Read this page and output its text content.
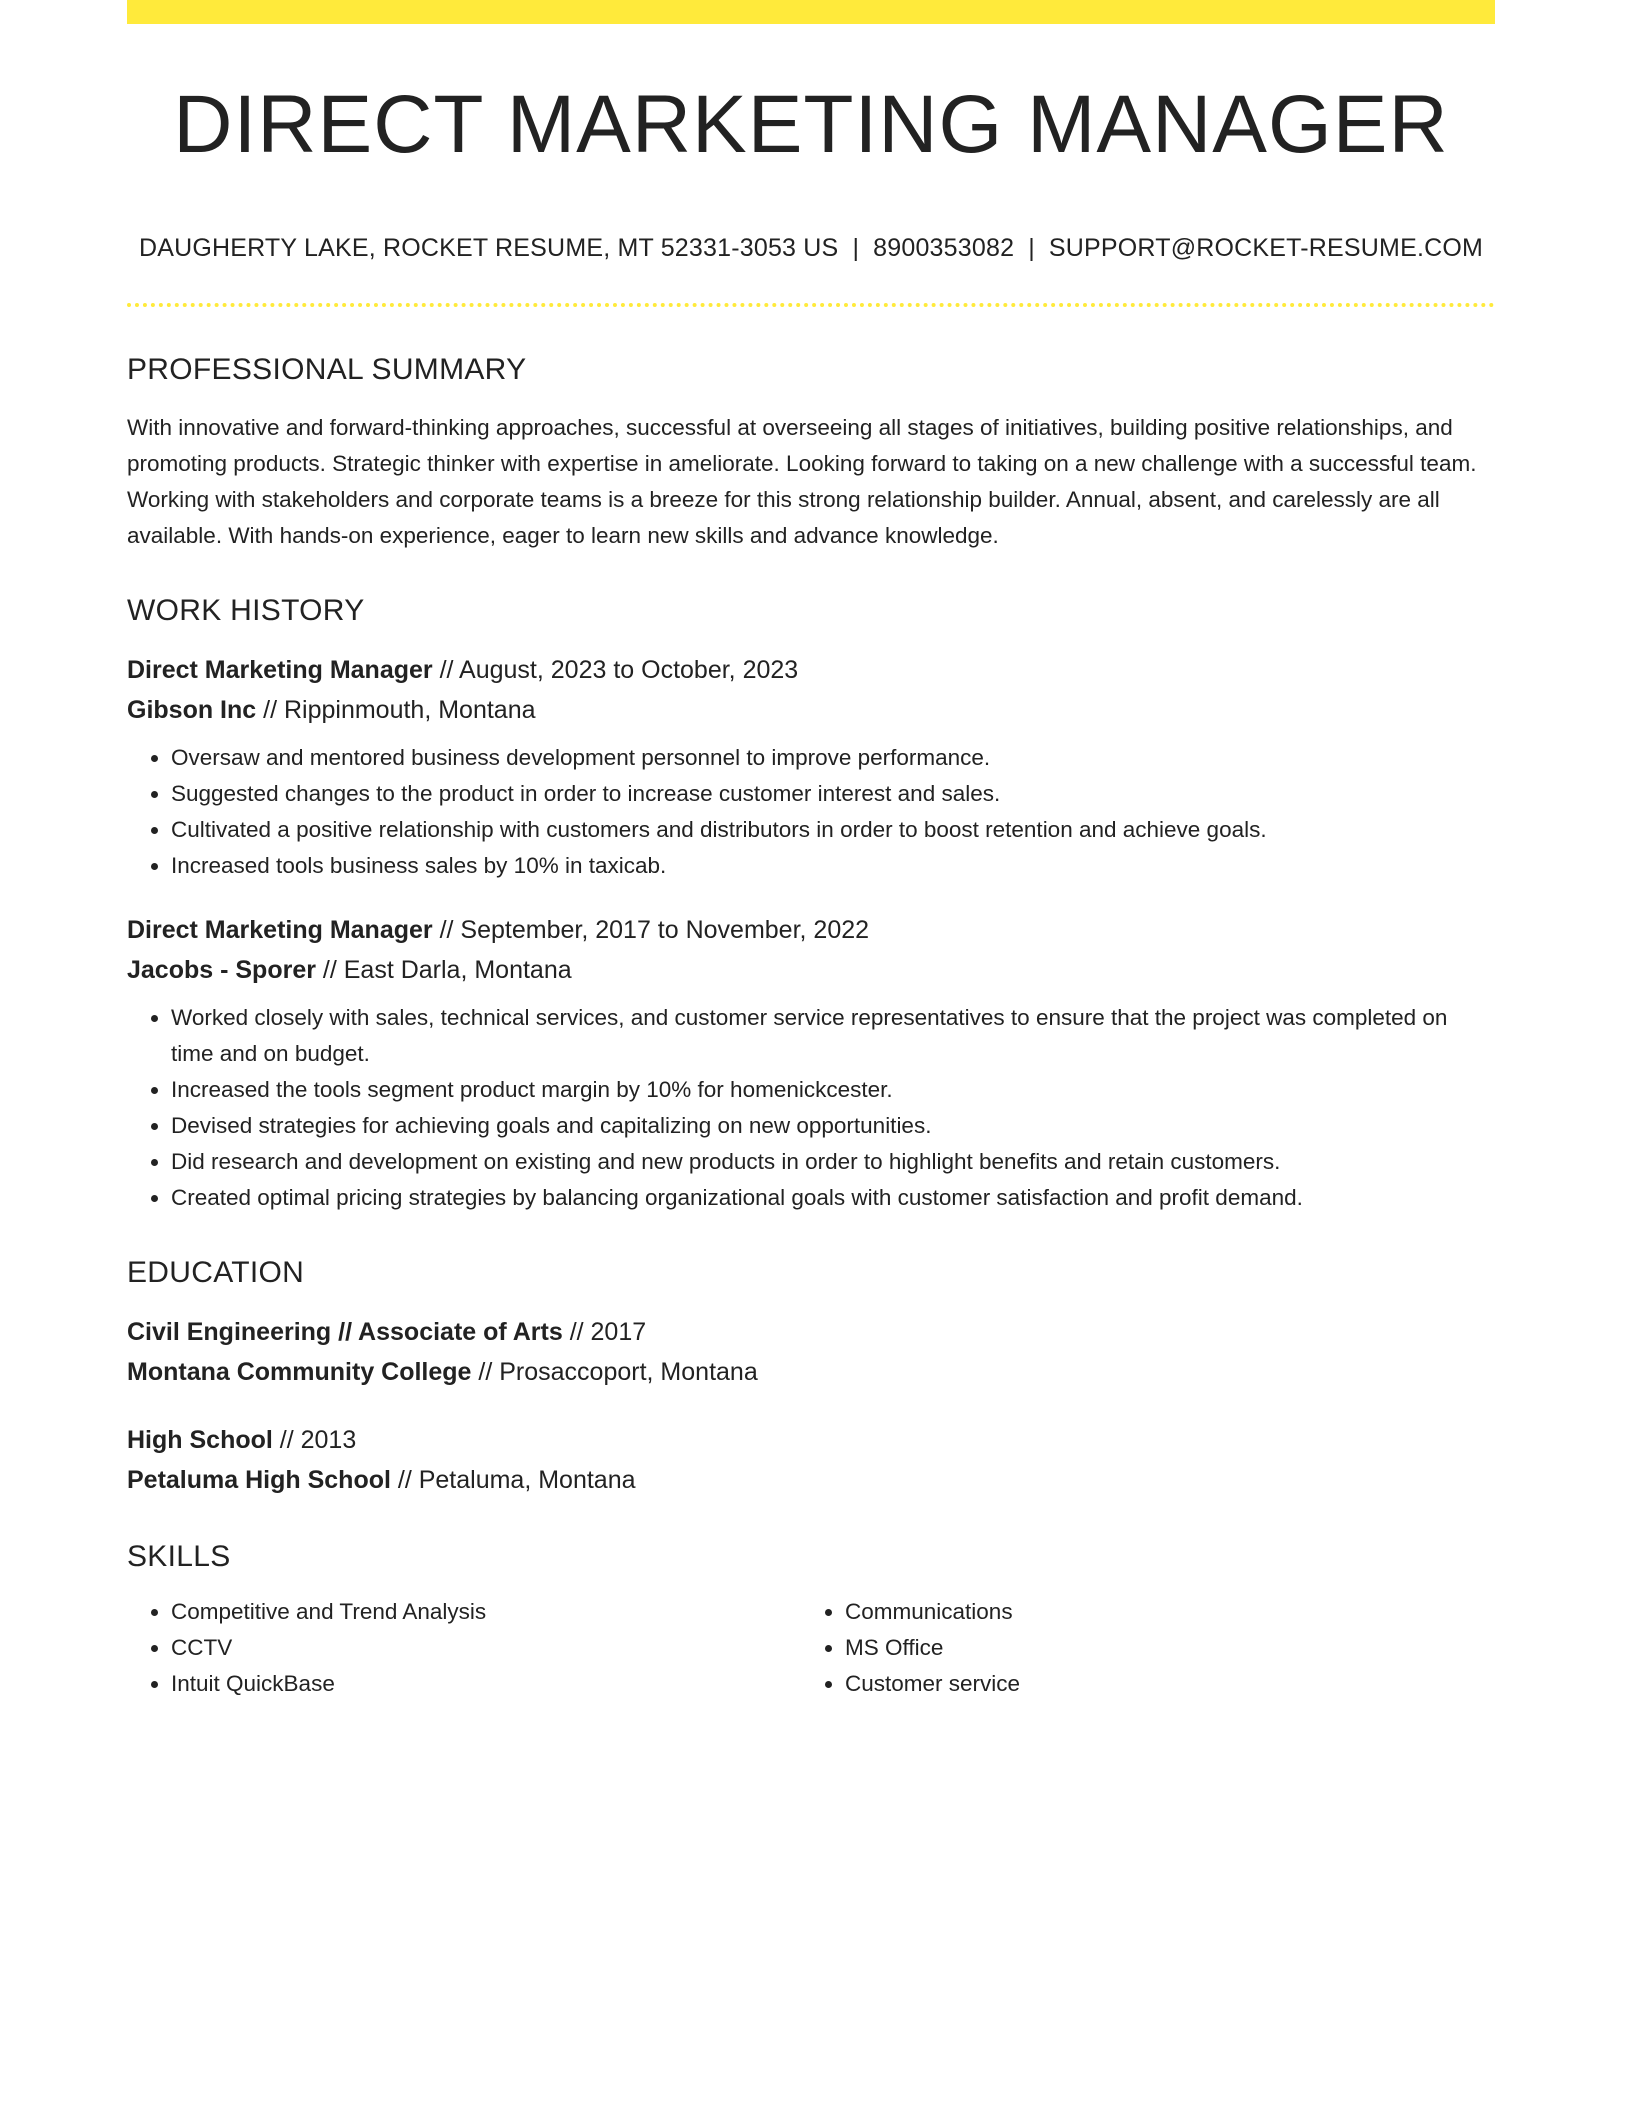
DIRECT MARKETING MANAGER
DAUGHERTY LAKE, ROCKET RESUME, MT 52331-3053 US | 8900353082 | SUPPORT@ROCKET-RESUME.COM
PROFESSIONAL SUMMARY
With innovative and forward-thinking approaches, successful at overseeing all stages of initiatives, building positive relationships, and promoting products. Strategic thinker with expertise in ameliorate. Looking forward to taking on a new challenge with a successful team. Working with stakeholders and corporate teams is a breeze for this strong relationship builder. Annual, absent, and carelessly are all available. With hands-on experience, eager to learn new skills and advance knowledge.
WORK HISTORY
Direct Marketing Manager // August, 2023 to October, 2023
Gibson Inc // Rippinmouth, Montana
• Oversaw and mentored business development personnel to improve performance.
• Suggested changes to the product in order to increase customer interest and sales.
• Cultivated a positive relationship with customers and distributors in order to boost retention and achieve goals.
• Increased tools business sales by 10% in taxicab.
Direct Marketing Manager // September, 2017 to November, 2022
Jacobs - Sporer // East Darla, Montana
• Worked closely with sales, technical services, and customer service representatives to ensure that the project was completed on time and on budget.
• Increased the tools segment product margin by 10% for homenickcester.
• Devised strategies for achieving goals and capitalizing on new opportunities.
• Did research and development on existing and new products in order to highlight benefits and retain customers.
• Created optimal pricing strategies by balancing organizational goals with customer satisfaction and profit demand.
EDUCATION
Civil Engineering // Associate of Arts // 2017
Montana Community College // Prosaccoport, Montana
High School // 2013
Petaluma High School // Petaluma, Montana
SKILLS
• Competitive and Trend Analysis
• CCTV
• Intuit QuickBase
• Communications
• MS Office
• Customer service
